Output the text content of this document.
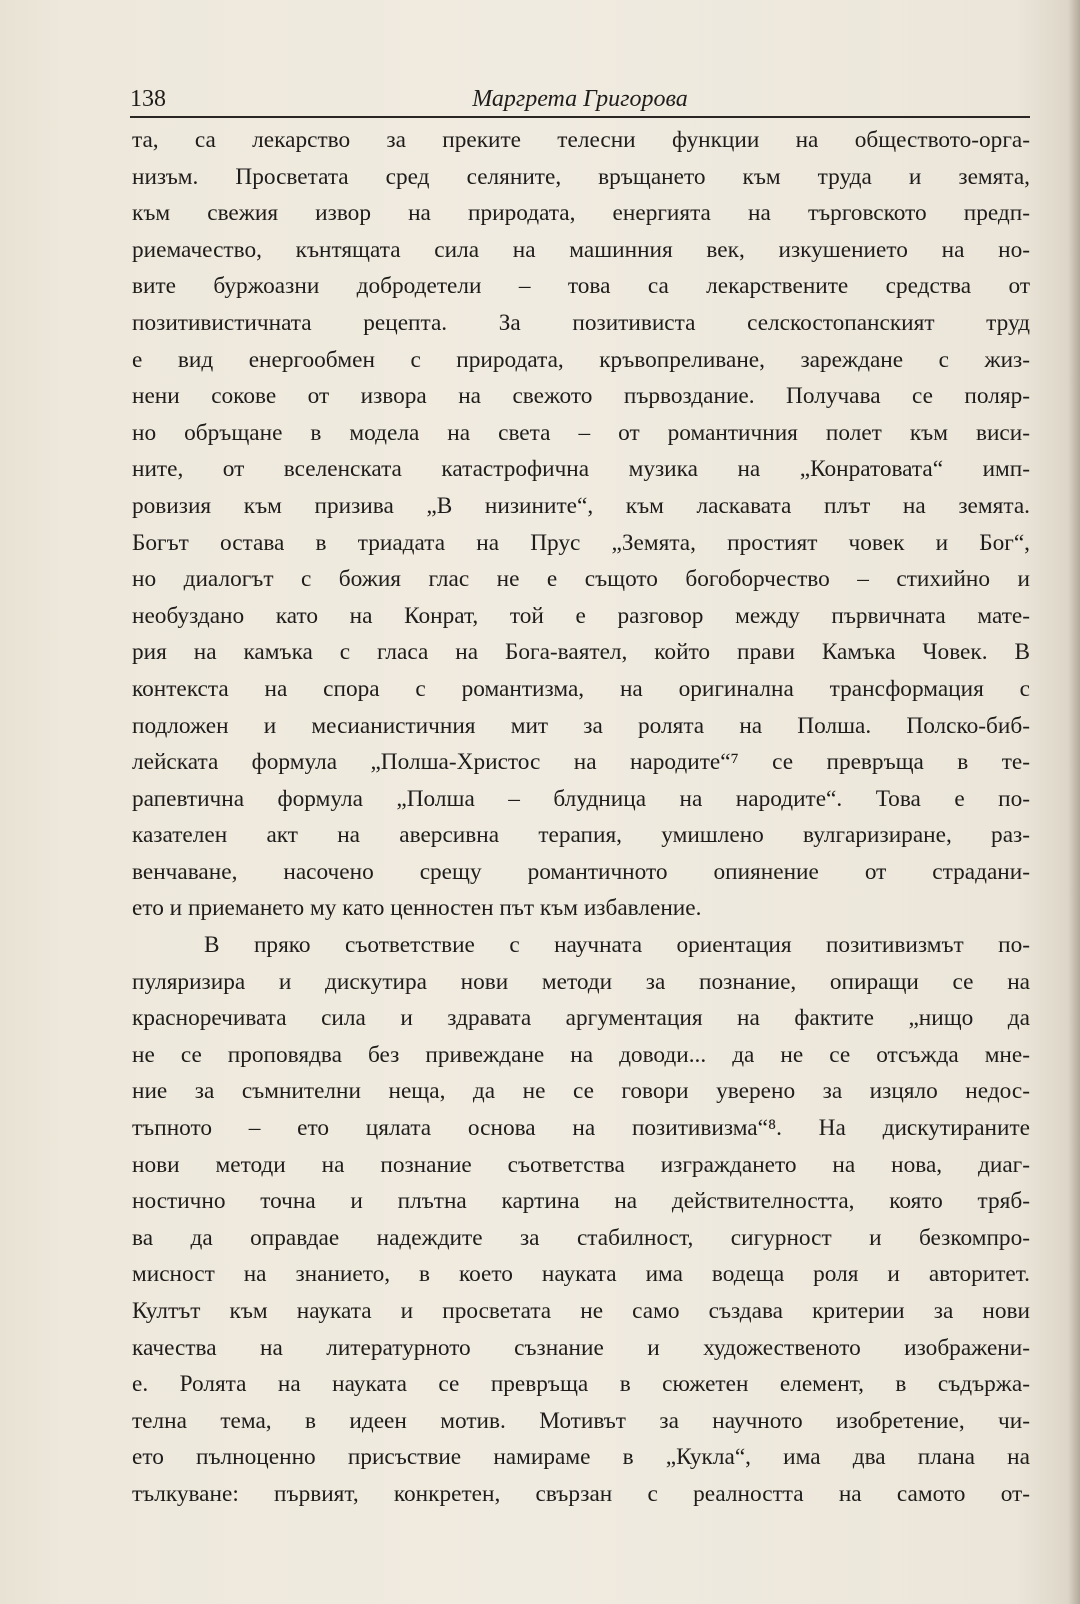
138	Маргрета Григорова
та, са лекарство за преките телесни функции на обществото-орга-
низъм. Просветата сред селяните, връщането към труда и земята,
към свежия извор на природата, енергията на търговското предп-
риемачество, кънтящата сила на машинния век, изкушението на но-
вите буржоазни добродетели – това са лекарствените средства от
позитивистичната рецепта. За позитивиста селскостопанският труд
е вид енергообмен с природата, кръвопреливане, зареждане с жиз-
нени сокове от извора на свежото първоздание. Получава се поляр-
но обръщане в модела на света – от романтичния полет към виси-
ните, от вселенската катастрофична музика на „Конратовата“ имп-
ровизия към призива „В низините“, към ласкавата плът на земята.
Богът остава в триадата на Прус „Земята, простият човек и Бог“,
но диалогът с божия глас не е същото богоборчество – стихийно и
необуздано като на Конрат, той е разговор между първичната мате-
рия на камъка с гласа на Бога-ваятел, който прави Камъка Човек. В
контекста на спора с романтизма, на оригинална трансформация с
подложен и месианистичния мит за ролята на Полша. Полско-биб-
лейската формула „Полша-Христос на народите“⁷ се превръща в те-
рапевтична формула „Полша – блудница на народите“. Това е по-
казателен акт на аверсивна терапия, умишлено вулгаризиране, раз-
венчаване, насочено срещу романтичното опиянение от страдани-
ето и приемането му като ценностен път към избавление.
В пряко съответствие с научната ориентация позитивизмът по-
пуляризира и дискутира нови методи за познание, опиращи се на
красноречивата сила и здравата аргументация на фактите „нищо да
не се проповядва без привеждане на доводи... да не се отсъжда мне-
ние за съмнителни неща, да не се говори уверено за изцяло недос-
тъпното – ето цялата основа на позитивизма“⁸. На дискутираните
нови методи на познание съответства изграждането на нова, диаг-
ностично точна и плътна картина на действителността, която тряб-
ва да оправдае надеждите за стабилност, сигурност и безкомпро-
мисност на знанието, в което науката има водеща роля и авторитет.
Култът към науката и просветата не само създава критерии за нови
качества на литературното съзнание и художественото изображени-
е. Ролята на науката се превръща в сюжетен елемент, в съдържа-
телна тема, в идеен мотив. Мотивът за научното изобретение, чи-
ето пълноценно присъствие намираме в „Кукла“, има два плана на
тълкуване: първият, конкретен, свързан с реалността на самото от-
